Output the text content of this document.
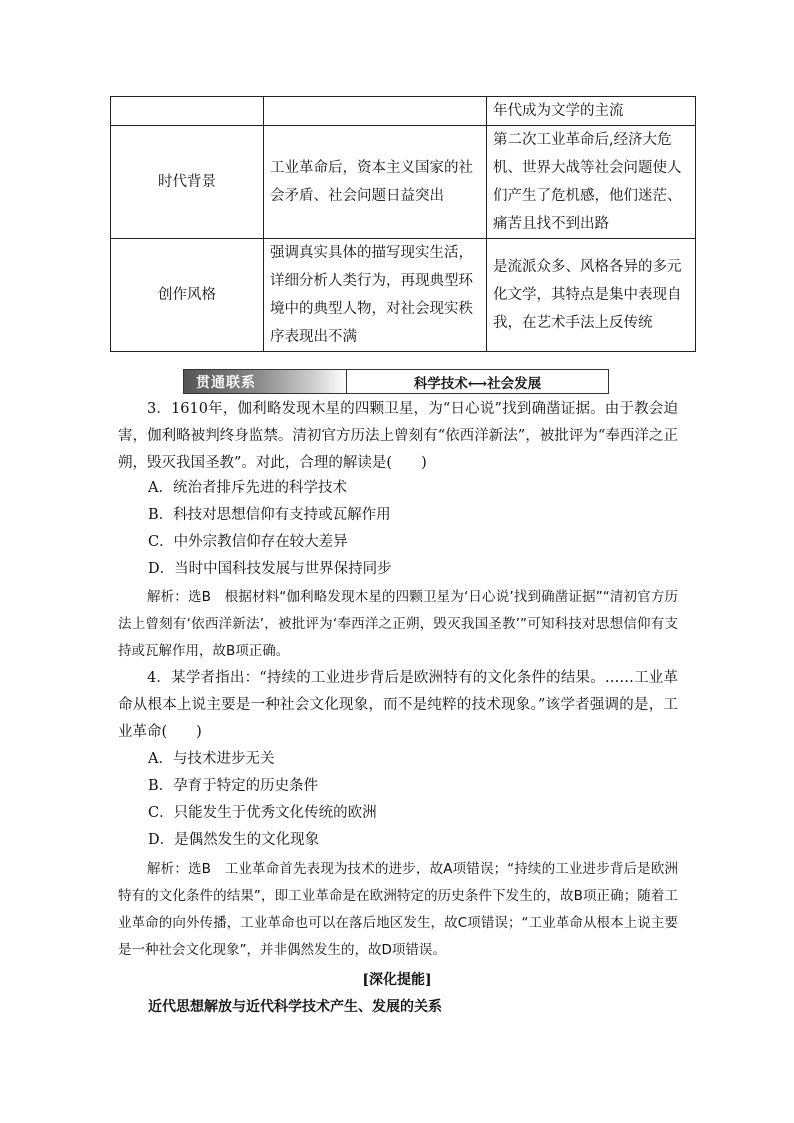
		年代成为文学的主流
时代背景	工业革命后，资本主义国家的社会矛盾、社会问题日益突出	第二次工业革命后,经济大危机、世界大战等社会问题使人们产生了危机感，他们迷茫、痛苦且找不到出路
创作风格	强调真实具体的描写现实生活，详细分析人类行为，再现典型环境中的典型人物，对社会现实秩序表现出不满	是流派众多、风格各异的多元化文学，其特点是集中表现自我，在艺术手法上反传统
贯通联系	科学技术⟷社会发展
3．1610年，伽利略发现木星的四颗卫星，为“日心说”找到确凿证据。由于教会迫害，伽利略被判终身监禁。清初官方历法上曾刻有“依西洋新法”，被批评为“奉西洋之正朔，毁灭我国圣教”。对此，合理的解读是(　　)
A．统治者排斥先进的科学技术
B．科技对思想信仰有支持或瓦解作用
C．中外宗教信仰存在较大差异
D．当时中国科技发展与世界保持同步
解析：选B　根据材料“伽利略发现木星的四颗卫星为‘日心说’找到确凿证据”“清初官方历法上曾刻有‘依西洋新法’，被批评为‘奉西洋之正朔，毁灭我国圣教’”可知科技对思想信仰有支持或瓦解作用，故B项正确。
4．某学者指出：“持续的工业进步背后是欧洲特有的文化条件的结果。……工业革命从根本上说主要是一种社会文化现象，而不是纯粹的技术现象。”该学者强调的是，工业革命(　　)
A．与技术进步无关
B．孕育于特定的历史条件
C．只能发生于优秀文化传统的欧洲
D．是偶然发生的文化现象
解析：选B　工业革命首先表现为技术的进步，故A项错误；“持续的工业进步背后是欧洲特有的文化条件的结果”，即工业革命是在欧洲特定的历史条件下发生的，故B项正确；随着工业革命的向外传播，工业革命也可以在落后地区发生，故C项错误；“工业革命从根本上说主要是一种社会文化现象”，并非偶然发生的，故D项错误。
[深化提能]
近代思想解放与近代科学技术产生、发展的关系
